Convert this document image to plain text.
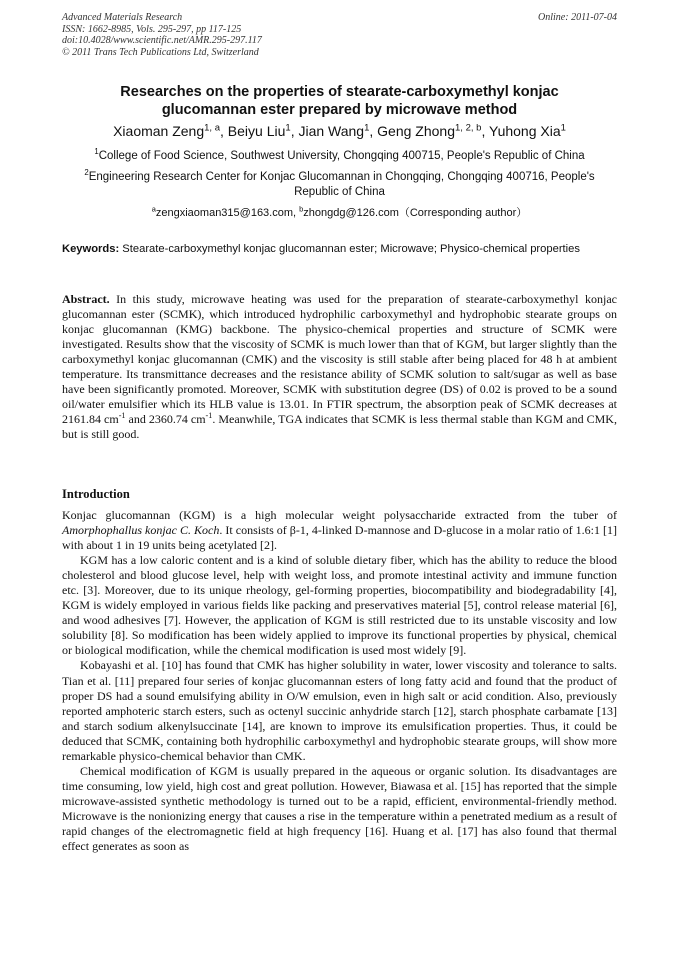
Advanced Materials Research
ISSN: 1662-8985, Vols. 295-297, pp 117-125
doi:10.4028/www.scientific.net/AMR.295-297.117
© 2011 Trans Tech Publications Ltd, Switzerland
Online: 2011-07-04
Researches on the properties of stearate-carboxymethyl konjac
glucomannan ester prepared by microwave method
Xiaoman Zeng$^{1, a}$, Beiyu Liu$^1$, Jian Wang$^1$, Geng Zhong$^{1, 2, b}$, Yuhong Xia$^1$
$^1$College of Food Science, Southwest University, Chongqing 400715, People's Republic of China
$^2$Engineering Research Center for Konjac Glucomannan in Chongqing, Chongqing 400716, People's
Republic of China
$^a$zengxiaoman315@163.com, $^b$zhongdg@126.com（Corresponding author）
Keywords: Stearate-carboxymethyl konjac glucomannan ester; Microwave; Physico-chemical properties

Abstract. In this study, microwave heating was used for the preparation of stearate-carboxymethyl konjac glucomannan ester (SCMK), which introduced hydrophilic carboxymethyl and hydrophobic stearate groups on konjac glucomannan (KMG) backbone. The physico-chemical properties and structure of SCMK were investigated. Results show that the viscosity of SCMK is much lower than that of KGM, but larger slightly than the carboxymethyl konjac glucomannan (CMK) and the viscosity is still stable after being placed for 48 h at ambient temperature. Its transmittance decreases and the resistance ability of SCMK solution to salt/sugar as well as base have been significantly promoted. Moreover, SCMK with substitution degree (DS) of 0.02 is proved to be a sound oil/water emulsifier which its HLB value is 13.01. In FTIR spectrum, the absorption peak of SCMK decreases at 2161.84 $cm^{-1}$ and 2360.74 $cm^{-1}$. Meanwhile, TGA indicates that SCMK is less thermal stable than KGM and CMK, but is still good.

Introduction

Konjac glucomannan (KGM) is a high molecular weight polysaccharide extracted from the tuber of Amorphophallus konjac C. Koch. It consists of β-1, 4-linked D-mannose and D-glucose in a molar ratio of 1.6:1 [1] with about 1 in 19 units being acetylated [2].

KGM has a low caloric content and is a kind of soluble dietary fiber, which has the ability to reduce the blood cholesterol and blood glucose level, help with weight loss, and promote intestinal activity and immune function etc. [3]. Moreover, due to its unique rheology, gel-forming properties, biocompatibility and biodegradability [4], KGM is widely employed in various fields like packing and preservatives material [5], control release material [6], and wood adhesives [7]. However, the application of KGM is still restricted due to its unstable viscosity and low solubility [8]. So modification has been widely applied to improve its functional properties by physical, chemical or biological modification, while the chemical modification is used most widely [9].

Kobayashi et al. [10] has found that CMK has higher solubility in water, lower viscosity and tolerance to salts. Tian et al. [11] prepared four series of konjac glucomannan esters of long fatty acid and found that the product of proper DS had a sound emulsifying ability in O/W emulsion, even in high salt or acid condition. Also, previously reported amphoteric starch esters, such as octenyl succinic anhydride starch [12], starch phosphate carbamate [13] and starch sodium alkenylsuccinate [14], are known to improve its emulsification properties. Thus, it could be deduced that SCMK, containing both hydrophilic carboxymethyl and hydrophobic stearate groups, will show more remarkable physico-chemical behavior than CMK.

Chemical modification of KGM is usually prepared in the aqueous or organic solution. Its disadvantages are time consuming, low yield, high cost and great pollution. However, Biawasa et al. [15] has reported that the simple microwave-assisted synthetic methodology is turned out to be a rapid, efficient, environmental-friendly method. Microwave is the nonionizing energy that causes a rise in the temperature within a penetrated medium as a result of rapid changes of the electromagnetic field at high frequency [16]. Huang et al. [17] has also found that thermal effect generates as soon as
